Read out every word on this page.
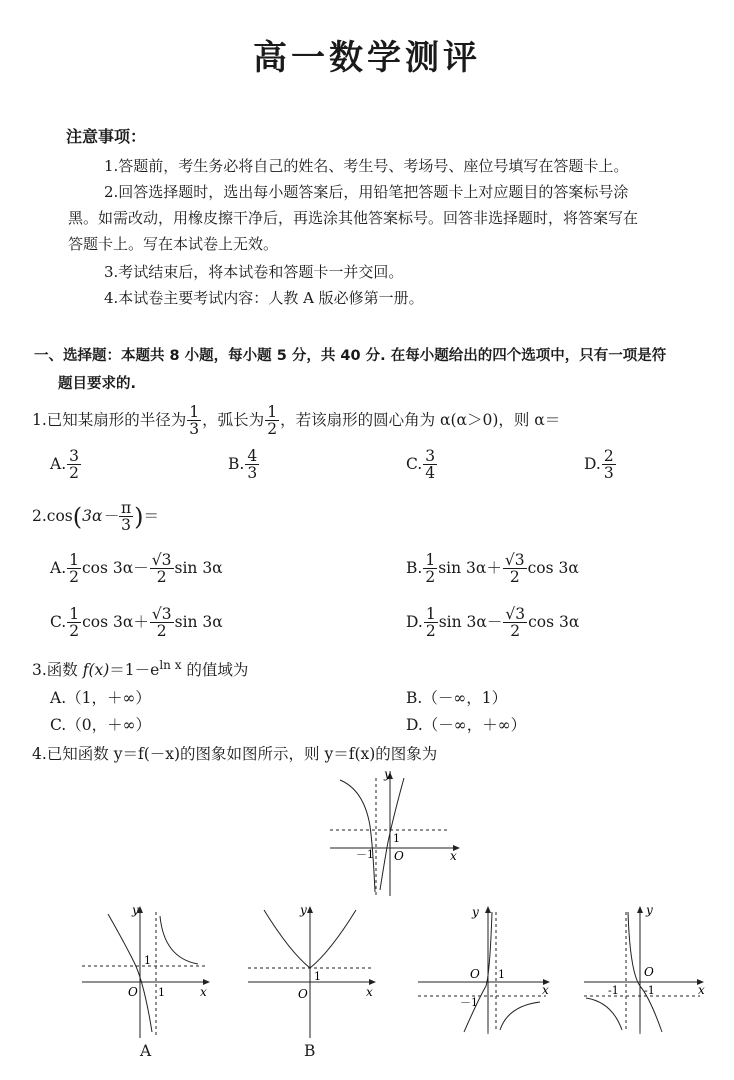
高一数学测评
注意事项：
1.答题前，考生务必将自己的姓名、考生号、考场号、座位号填写在答题卡上。
2.回答选择题时，选出每小题答案后，用铅笔把答题卡上对应题目的答案标号涂
黑。如需改动，用橡皮擦干净后，再选涂其他答案标号。回答非选择题时，将答案写在
答题卡上。写在本试卷上无效。
3.考试结束后，将本试卷和答题卡一并交回。
4.本试卷主要考试内容：人教 A 版必修第一册。
一、选择题：本题共 8 小题，每小题 5 分，共 40 分. 在每小题给出的四个选项中，只有一项是符
题目要求的.
1.已知某扇形的半径为 $\frac{1}{3}$ ，弧长为 $\frac{1}{2}$ ，若该扇形的圆心角为 α(α＞0)，则 α＝
A. $\frac{3}{2}$	B. $\frac{4}{3}$	C. $\frac{3}{4}$	D. $\frac{2}{3}$
$2.\cos(3\alpha- \frac{\pi}{3}$ )＝
A. $\frac{1}{2}$ $\cos 3\alpha- \frac{√3}{2}$ sin 3α	B. $\frac{1}{2}$ $\sin 3\alpha+ \frac{√3}{2}$ cos 3α
C. $\frac{1}{2}$ $\cos 3\alpha+ \frac{√3}{2}$ sin 3α	D. $\frac{1}{2}$ $\sin 3\alpha- \frac{√3}{2}$ cos 3α
3.函数 $f(x)=1-e^{ln x}$ 的值域为
A.（1，＋∞）	B.（－∞，1）
C.（0，＋∞）	D.（－∞，＋∞）
4.已知函数 y＝f(－x)的图象如图所示，则 y＝f(x)的图象为
y
x
O
1
－1
y
x
O
1
1
A
y
x
O
1
B
y
x
O 1
－1
y
x
O
-1 -1
